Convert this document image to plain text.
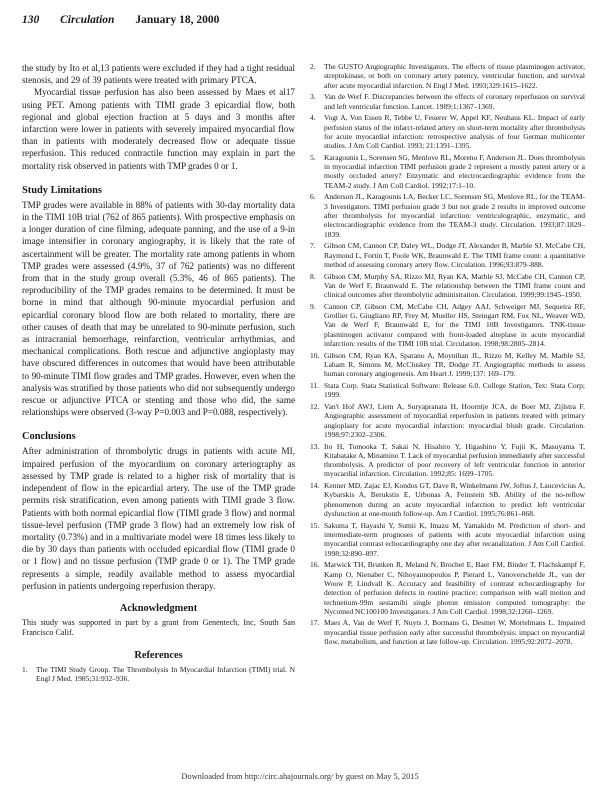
130 Circulation January 18, 2000

the study by Ito et al,13 patients were excluded if they had a tight residual stenosis, and 29 of 39 patients were treated with primary PTCA.

Myocardial tissue perfusion has also been assessed by Maes et al17 using PET. Among patients with TIMI grade 3 epicardial flow, both regional and global ejection fraction at 5 days and 3 months after infarction were lower in patients with severely impaired myocardial flow than in patients with moderately decreased flow or adequate tissue reperfusion. This reduced contractile function may explain in part the mortality risk observed in patients with TMP grades 0 or 1.

Study Limitations

TMP grades were available in 88% of patients with 30-day mortality data in the TIMI 10B trial (762 of 865 patients). With prospective emphasis on a longer duration of cine filming, adequate panning, and the use of a 9-in image intensifier in coronary angiography, it is likely that the rate of ascertainment will be greater. The mortality rate among patients in whom TMP grades were assessed (4.9%, 37 of 762 patients) was no different from that in the study group overall (5.3%, 46 of 865 patients). The reproducibility of the TMP grades remains to be determined. It must be borne in mind that although 90-minute myocardial perfusion and epicardial coronary blood flow are both related to mortality, there are other causes of death that may be unrelated to 90-minute perfusion, such as intracranial hemorrhage, reinfarction, ventricular arrhythmias, and mechanical complications. Both rescue and adjunctive angioplasty may have obscured differences in outcomes that would have been attributable to 90-minute TIMI flow grades and TMP grades. However, even when the analysis was stratified by those patients who did not subsequently undergo rescue or adjunctive PTCA or stenting and those who did, the same relationships were observed (3-way P=0.003 and P=0.088, respectively).

Conclusions

After administration of thrombolytic drugs in patients with acute MI, impaired perfusion of the myocardium on coronary arteriography as assessed by TMP grade is related to a higher risk of mortality that is independent of flow in the epicardial artery. The use of the TMP grade permits risk stratification, even among patients with TIMI grade 3 flow. Patients with both normal epicardial flow (TIMI grade 3 flow) and normal tissue-level perfusion (TMP grade 3 flow) had an extremely low risk of mortality (0.73%) and in a multivariate model were 18 times less likely to die by 30 days than patients with occluded epicardial flow (TIMI grade 0 or 1 flow) and no tissue perfusion (TMP grade 0 or 1). The TMP grade represents a simple, readily available method to assess myocardial perfusion in patients undergoing reperfusion therapy.

Acknowledgment

This study was supported in part by a grant from Genentech, Inc, South San Francisco Calif.

References
1. The TIMI Study Group. The Thrombolysis In Myocardial Infarction (TIMI) trial. N Engl J Med. 1985;31:932–936.
2. The GUSTO Angiographic Investigators. The effects of tissue plasminogen activator, streptokinase, or both on coronary artery patency, ventricular function, and survival after acute myocardial infarction. N Engl J Med. 1993;329:1615–1622.
3. Van de Werf F. Discrepancies between the effects of coronary reperfusion on survival and left ventricular function. Lancet. 1989;1:1367–1369.
4. Vogt A, Von Essen R, Tebbe U, Feuerer W, Appel KF, Neuhaus KL. Impact of early perfusion status of the infarct-related artery on short-term mortality after thrombolysis for acute myocardial infarction: retrospective analysis of four German multicenter studies. J Am Coll Cardiol. 1993; 21:1391–1395.
5. Karagounis L, Sorensen SG, Menlove RL, Moreno F, Anderson JL. Does thrombolysis in myocardial infarction TIMI perfusion grade 2 represent a mostly patent artery or a mostly occluded artery? Enzymatic and electrocardiographic evidence from the TEAM-2 study. J Am Coll Cardiol. 1992;17:1–10.
6. Anderson JL, Karagounis LA, Becker LC, Sorensen SG, Menlove RL, for the TEAM-3 Investigators. TIMI perfusion grade 3 but not grade 2 results in improved outcome after thrombolysis for myocardial infarction: ventriculographic, enzymatic, and electrocardiographic evidence from the TEAM-3 study. Circulation. 1993;87:1829–1839.
7. Gibson CM, Cannon CP, Daley WL, Dodge JT, Alexander B, Marble SJ, McCabe CH, Raymond L, Fortin T, Poole WK, Braunwald E. The TIMI frame count: a quantitative method of assessing coronary artery flow. Circulation. 1996;93:879–888.
8. Gibson CM, Murphy SA, Rizzo MJ, Ryan KA, Marble SJ, McCabe CH, Cannon CP, Van de Werf F, Braunwald E. The relationship between the TIMI frame count and clinical outcomes after thrombolytic administration. Circulation. 1999;99:1945–1950.
9. Cannon CP, Gibson CM, McCabe CH, Adgey AAJ, Schweiger MJ, Sequeira RF, Grollier G, Giugliano RP, Frey M, Mueller HS, Steingart RM, Fox NL, Weaver WD, Van de Werf F, Braunwald E, for the TIMI 10B Investigators. TNK-tissue plasminogen activator compared with front-loaded alteplase in acute myocardial infarction: results of the TIMI 10B trial. Circulation. 1998;98:2805–2814.
10. Gibson CM, Ryan KA, Sparano A, Moynihan JL, Rizzo M, Kelley M, Marble SJ, Laham R, Simons M, McCluskey TR, Dodge JT. Angiographic methods to assess human coronary angiogenesis. Am Heart J. 1999;137: 169–179.
11. Stata Corp. Stata Statistical Software: Release 6.0. College Station, Tex: Stata Corp; 1999.
12. Van't Hof AWJ, Liem A, Suryapranata H, Hoorntje JCA, de Boer MJ, Zijlstra F. Angiographic assessment of myocardial reperfusion in patients treated with primary angioplasty for acute myocardial infarction: myocardial blush grade. Circulation. 1998;97:2302–2306.
13. Ito H, Tomooka T, Sakai N, Hisahiro Y, Higashino Y, Fujii K, Masuyama T, Kitabatake A, Minamino T. Lack of myocardial perfusion immediately after successful thrombolysis. A predictor of poor recovery of left ventricular function in anterior myocardial infarction. Circulation. 1992;85: 1699–1705.
14. Kenner MD, Zajac EJ, Kondos GT, Dave R, Winkelmann JW, Joftus J, Laucevicius A, Kybarskis A, Berukstis E, Urbonas A, Feinstein SB. Ability of the no-reflow phenomenon during an acute myocardial infarction to predict left ventricular dysfunction at one-month follow-up. Am J Cardiol. 1995;76:861–868.
15. Sakuma T, Hayashi Y, Sumii K, Imazu M, Yamakido M. Prediction of short- and intermediate-term prognoses of patients with acute myocardial infarction using myocardial contrast echocardiography one day after recanalization. J Am Coll Cardiol. 1998;32:890–897.
16. Marwick TH, Brunken R, Meland N, Brochet E, Baer FM, Binder T, Flachskampf F, Kamp O, Nienaber C, Nihoyannopoulos P, Pierard L, Vanoverschelde JL, van der Wouw P, Lindvall K. Accuracy and feasibility of contrast echocardiography for detection of perfusion defects in routine practice: comparison with wall motion and technetium-99m sestamibi single photon emission computed tomography: the Nycomed NC100100 Investigators. J Am Coll Cardiol. 1998;32:1260–1269.
17. Maes A, Van de Werf F, Nuyts J, Bormans G, Desmet W, Mortelmans L. Impaired myocardial tissue perfusion early after successful thrombolysis: impact on myocardial flow, metabolism, and function at late follow-up. Circulation. 1995;92:2072–2078.
Downloaded from http://circ.ahajournals.org/ by guest on May 5, 2015
